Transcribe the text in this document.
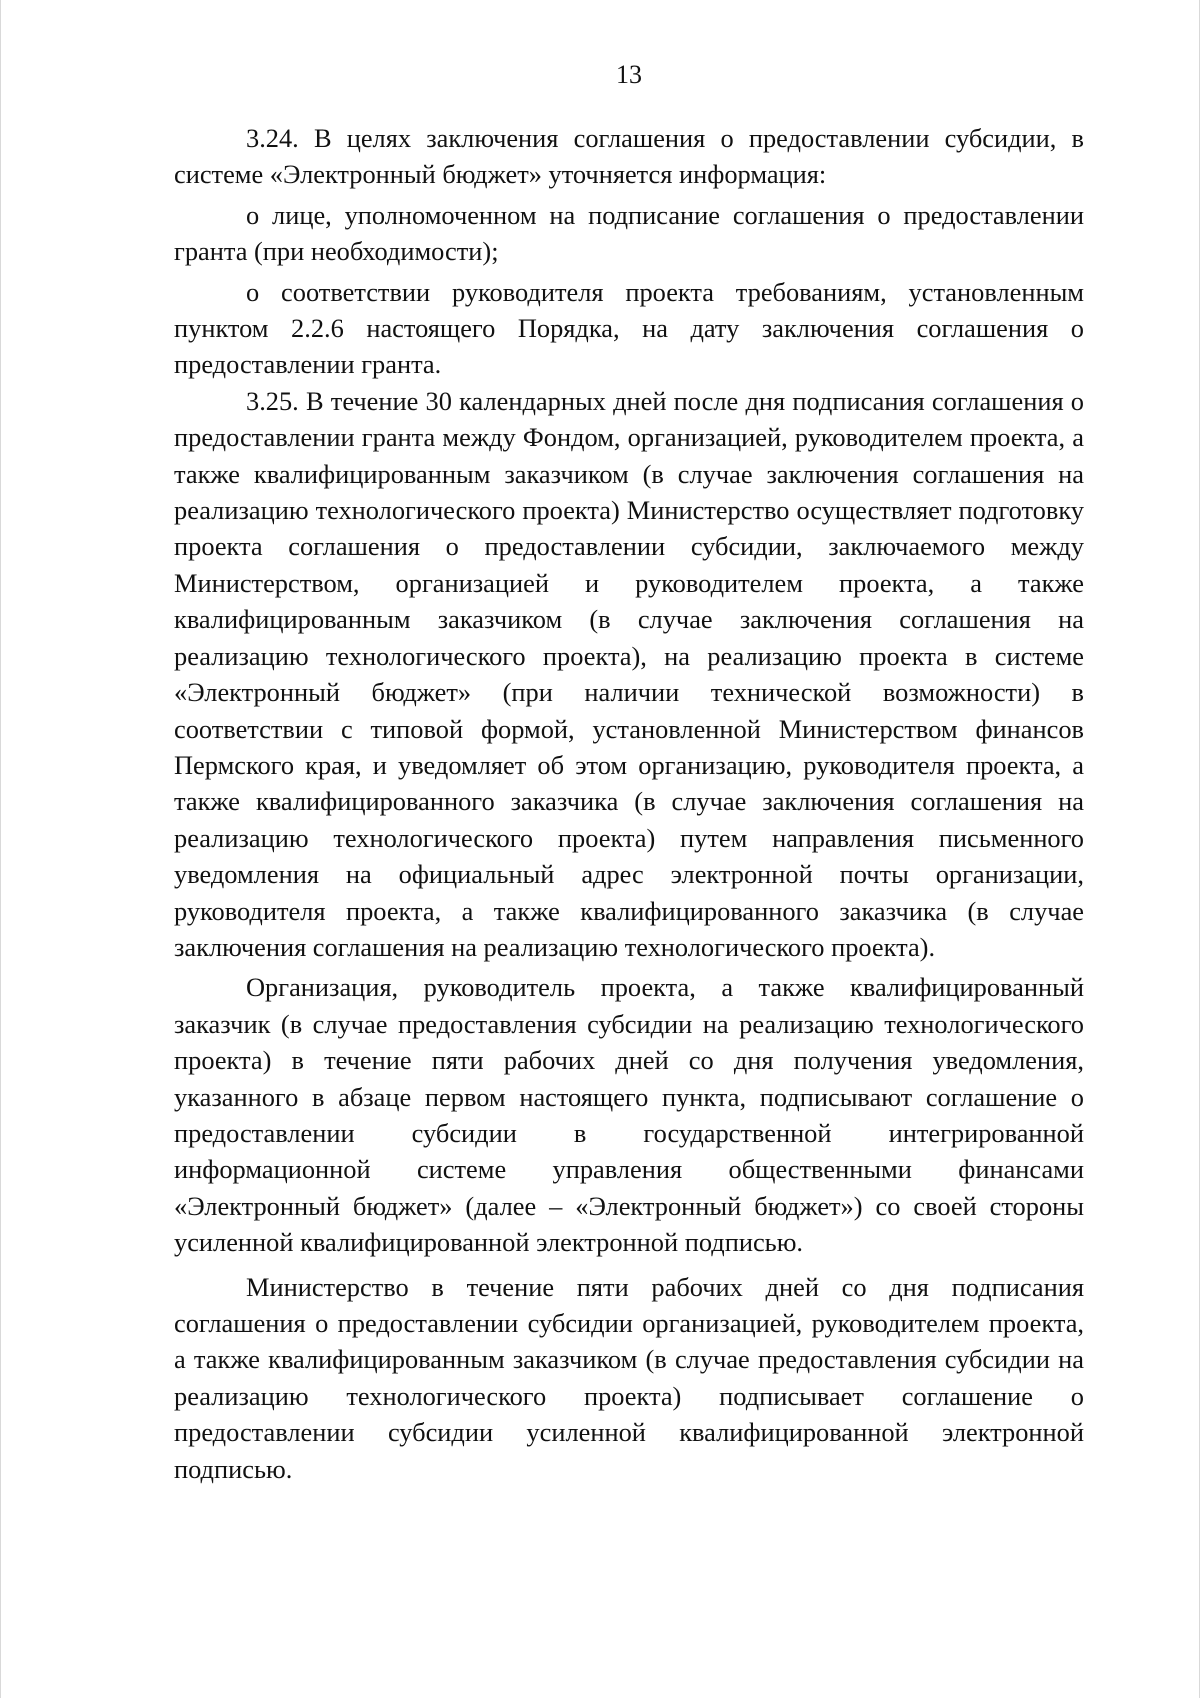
13

3.24. В целях заключения соглашения о предоставлении субсидии, в системе «Электронный бюджет» уточняется информация:

о лице, уполномоченном на подписание соглашения о предоставлении гранта (при необходимости);

о соответствии руководителя проекта требованиям, установленным пунктом 2.2.6 настоящего Порядка, на дату заключения соглашения о предоставлении гранта.

3.25. В течение 30 календарных дней после дня подписания соглашения о предоставлении гранта между Фондом, организацией, руководителем проекта, а также квалифицированным заказчиком (в случае заключения соглашения на реализацию технологического проекта) Министерство осуществляет подготовку проекта соглашения о предоставлении субсидии, заключаемого между Министерством, организацией и руководителем проекта, а также квалифицированным заказчиком (в случае заключения соглашения на реализацию технологического проекта), на реализацию проекта в системе «Электронный бюджет» (при наличии технической возможности) в соответствии с типовой формой, установленной Министерством финансов Пермского края, и уведомляет об этом организацию, руководителя проекта, а также квалифицированного заказчика (в случае заключения соглашения на реализацию технологического проекта) путем направления письменного уведомления на официальный адрес электронной почты организации, руководителя проекта, а также квалифицированного заказчика (в случае заключения соглашения на реализацию технологического проекта).

Организация, руководитель проекта, а также квалифицированный заказчик (в случае предоставления субсидии на реализацию технологического проекта) в течение пяти рабочих дней со дня получения уведомления, указанного в абзаце первом настоящего пункта, подписывают соглашение о предоставлении субсидии в государственной интегрированной информационной системе управления общественными финансами «Электронный бюджет» (далее – «Электронный бюджет») со своей стороны усиленной квалифицированной электронной подписью.

Министерство в течение пяти рабочих дней со дня подписания соглашения о предоставлении субсидии организацией, руководителем проекта, а также квалифицированным заказчиком (в случае предоставления субсидии на реализацию технологического проекта) подписывает соглашение о предоставлении субсидии усиленной квалифицированной электронной подписью.
